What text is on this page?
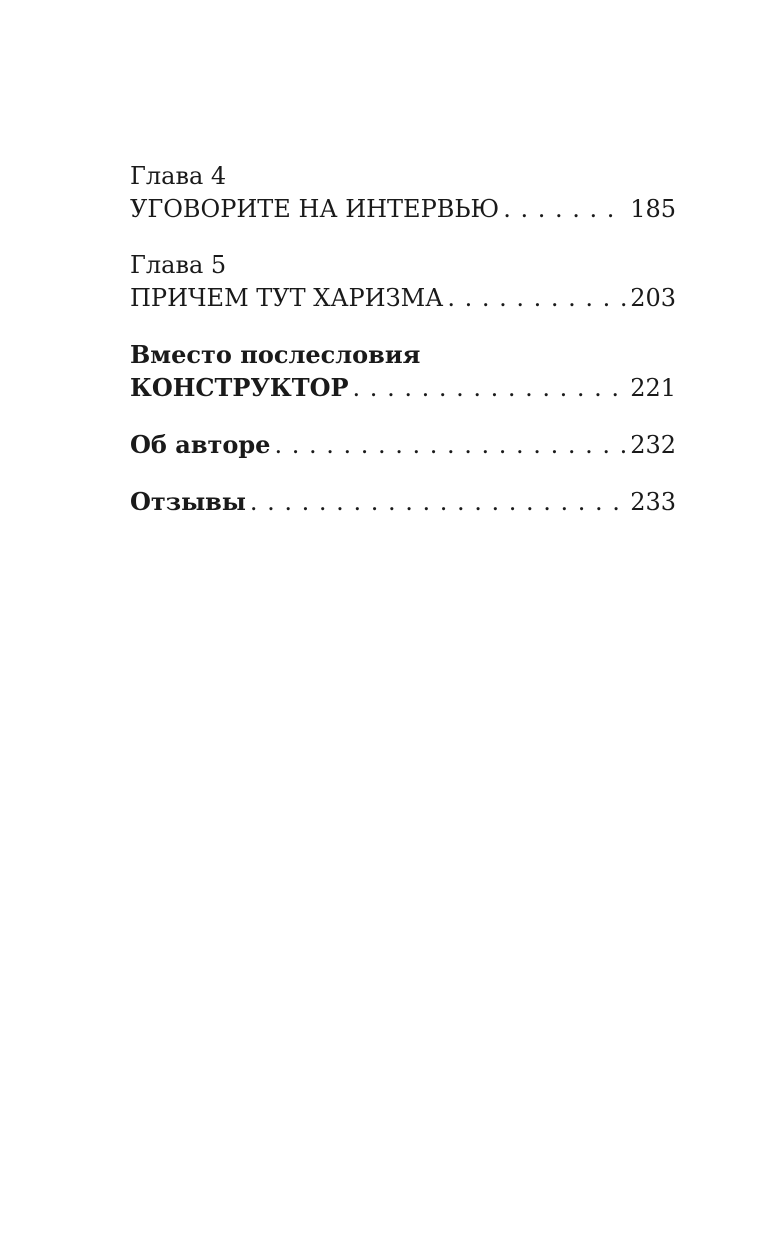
Глава 4
УГОВОРИТЕ НА ИНТЕРВЬЮ . . .	185
Глава 5
ПРИЧЕМ ТУТ ХАРИЗМА . . .	203
Вместо послесловия
КОНСТРУКТОР . . .	221
Об авторе . . .	232
Отзывы . . .	233
